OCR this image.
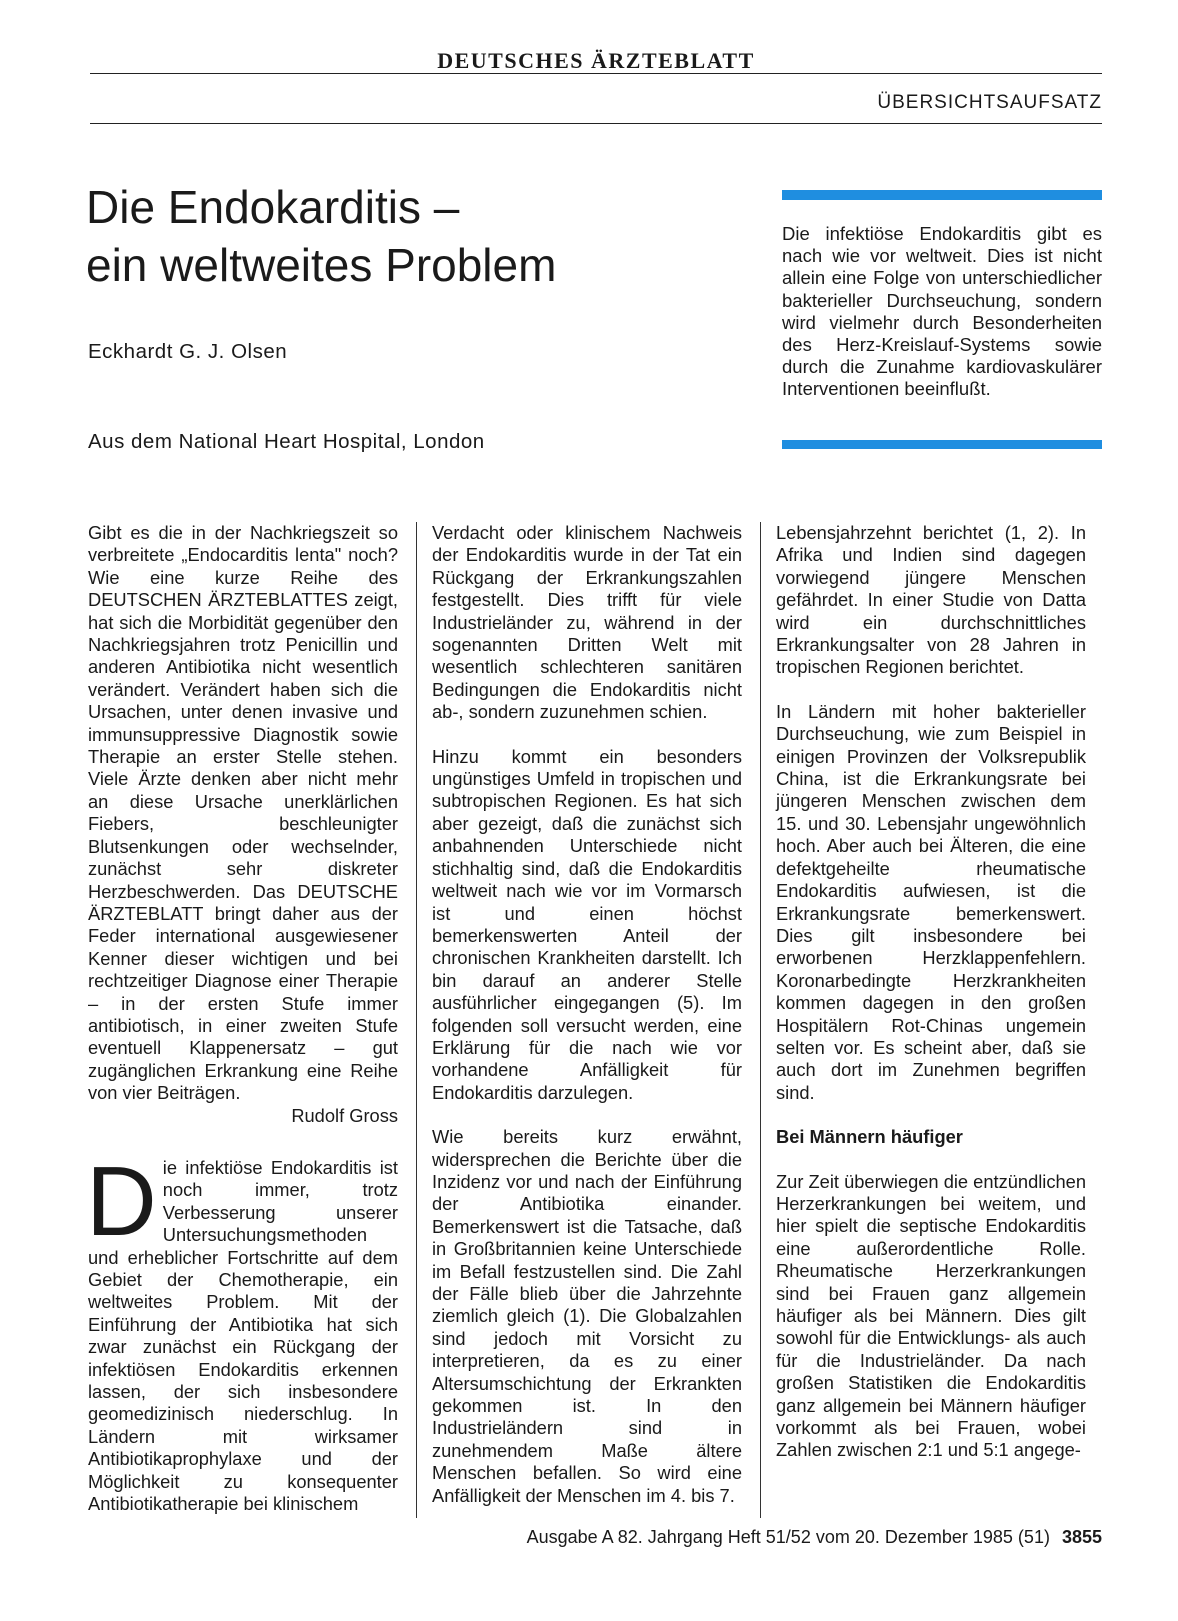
DEUTSCHES ÄRZTEBLATT
ÜBERSICHTSAUFSATZ
Die Endokarditis –
ein weltweites Problem
Eckhardt G. J. Olsen
Aus dem National Heart Hospital, London

Die infektiöse Endokarditis gibt es nach wie vor weltweit. Dies ist nicht allein eine Folge von unterschiedlicher bakterieller Durchseuchung, sondern wird vielmehr durch Besonderheiten des Herz-Kreislauf-Systems sowie durch die Zunahme kardiovaskulärer Interventionen beeinflußt.

Gibt es die in der Nachkriegszeit so verbreitete „Endocarditis lenta" noch? Wie eine kurze Reihe des DEUTSCHEN ÄRZTEBLATTES zeigt, hat sich die Morbidität gegenüber den Nachkriegsjahren trotz Penicillin und anderen Antibiotika nicht wesentlich verändert. Verändert haben sich die Ursachen, unter denen invasive und immunsuppressive Diagnostik sowie Therapie an erster Stelle stehen. Viele Ärzte denken aber nicht mehr an diese Ursache unerklärlichen Fiebers, beschleunigter Blutsenkungen oder wechselnder, zunächst sehr diskreter Herzbeschwerden. Das DEUTSCHE ÄRZTEBLATT bringt daher aus der Feder international ausgewiesener Kenner dieser wichtigen und bei rechtzeitiger Diagnose einer Therapie – in der ersten Stufe immer antibiotisch, in einer zweiten Stufe eventuell Klappenersatz – gut zugänglichen Erkrankung eine Reihe von vier Beiträgen.

Rudolf Gross

Die infektiöse Endokarditis ist noch immer, trotz Verbesserung unserer Untersuchungsmethoden und erheblicher Fortschritte auf dem Gebiet der Chemotherapie, ein weltweites Problem. Mit der Einführung der Antibiotika hat sich zwar zunächst ein Rückgang der infektiösen Endokarditis erkennen lassen, der sich insbesondere geomedizinisch niederschlug. In Ländern mit wirksamer Antibiotikaprophylaxe und der Möglichkeit zu konsequenter Antibiotikatherapie bei klinischem

Verdacht oder klinischem Nachweis der Endokarditis wurde in der Tat ein Rückgang der Erkrankungszahlen festgestellt. Dies trifft für viele Industrieländer zu, während in der sogenannten Dritten Welt mit wesentlich schlechteren sanitären Bedingungen die Endokarditis nicht ab-, sondern zuzunehmen schien.

Hinzu kommt ein besonders ungünstiges Umfeld in tropischen und subtropischen Regionen. Es hat sich aber gezeigt, daß die zunächst sich anbahnenden Unterschiede nicht stichhaltig sind, daß die Endokarditis weltweit nach wie vor im Vormarsch ist und einen höchst bemerkenswerten Anteil der chronischen Krankheiten darstellt. Ich bin darauf an anderer Stelle ausführlicher eingegangen (5). Im folgenden soll versucht werden, eine Erklärung für die nach wie vor vorhandene Anfälligkeit für Endokarditis darzulegen.

Wie bereits kurz erwähnt, widersprechen die Berichte über die Inzidenz vor und nach der Einführung der Antibiotika einander. Bemerkenswert ist die Tatsache, daß in Großbritannien keine Unterschiede im Befall festzustellen sind. Die Zahl der Fälle blieb über die Jahrzehnte ziemlich gleich (1). Die Globalzahlen sind jedoch mit Vorsicht zu interpretieren, da es zu einer Altersumschichtung der Erkrankten gekommen ist. In den Industrieländern sind in zunehmendem Maße ältere Menschen befallen. So wird eine Anfälligkeit der Menschen im 4. bis 7.

Lebensjahrzehnt berichtet (1, 2). In Afrika und Indien sind dagegen vorwiegend jüngere Menschen gefährdet. In einer Studie von Datta wird ein durchschnittliches Erkrankungsalter von 28 Jahren in tropischen Regionen berichtet.

In Ländern mit hoher bakterieller Durchseuchung, wie zum Beispiel in einigen Provinzen der Volksrepublik China, ist die Erkrankungsrate bei jüngeren Menschen zwischen dem 15. und 30. Lebensjahr ungewöhnlich hoch. Aber auch bei Älteren, die eine defektgeheilte rheumatische Endokarditis aufwiesen, ist die Erkrankungsrate bemerkenswert. Dies gilt insbesondere bei erworbenen Herzklappenfehlern. Koronarbedingte Herzkrankheiten kommen dagegen in den großen Hospitälern Rot-Chinas ungemein selten vor. Es scheint aber, daß sie auch dort im Zunehmen begriffen sind.

Bei Männern häufiger

Zur Zeit überwiegen die entzündlichen Herzerkrankungen bei weitem, und hier spielt die septische Endokarditis eine außerordentliche Rolle. Rheumatische Herzerkrankungen sind bei Frauen ganz allgemein häufiger als bei Männern. Dies gilt sowohl für die Entwicklungs- als auch für die Industrieländer. Da nach großen Statistiken die Endokarditis ganz allgemein bei Männern häufiger vorkommt als bei Frauen, wobei Zahlen zwischen 2:1 und 5:1 angege-

Ausgabe A 82. Jahrgang Heft 51/52 vom 20. Dezember 1985 (51) 3855
